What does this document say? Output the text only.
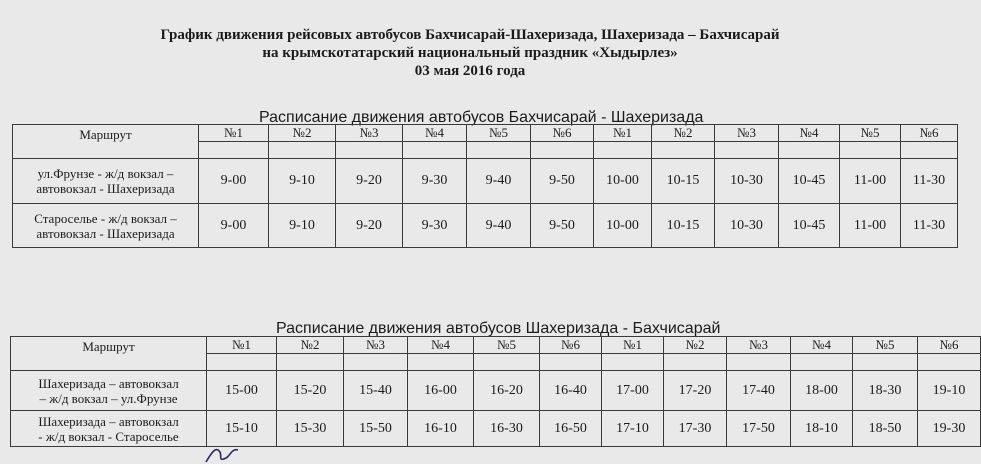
График движения рейсовых автобусов Бахчисарай-Шахеризада, Шахеризада – Бахчисарай
на крымскотатарский национальный праздник «Хыдырлез»
03 мая 2016 года
Расписание движения автобусов Бахчисарай - Шахеризада
Маршрут	№1	№2	№3	№4	№5	№6	№1	№2	№3	№4	№5	№6

ул.Фрунзе - ж/д вокзал –
автовокзал - Шахеризада	9-00	9-10	9-20	9-30	9-40	9-50	10-00	10-15	10-30	10-45	11-00	11-30
Староселье - ж/д вокзал –
автовокзал - Шахеризада	9-00	9-10	9-20	9-30	9-40	9-50	10-00	10-15	10-30	10-45	11-00	11-30
Расписание движения автобусов Шахеризада - Бахчисарай
Маршрут	№1	№2	№3	№4	№5	№6	№1	№2	№3	№4	№5	№6

Шахеризада – автовокзал
– ж/д вокзал – ул.Фрунзе	15-00	15-20	15-40	16-00	16-20	16-40	17-00	17-20	17-40	18-00	18-30	19-10
Шахеризада – автовокзал
- ж/д вокзал - Староселье	15-10	15-30	15-50	16-10	16-30	16-50	17-10	17-30	17-50	18-10	18-50	19-30
